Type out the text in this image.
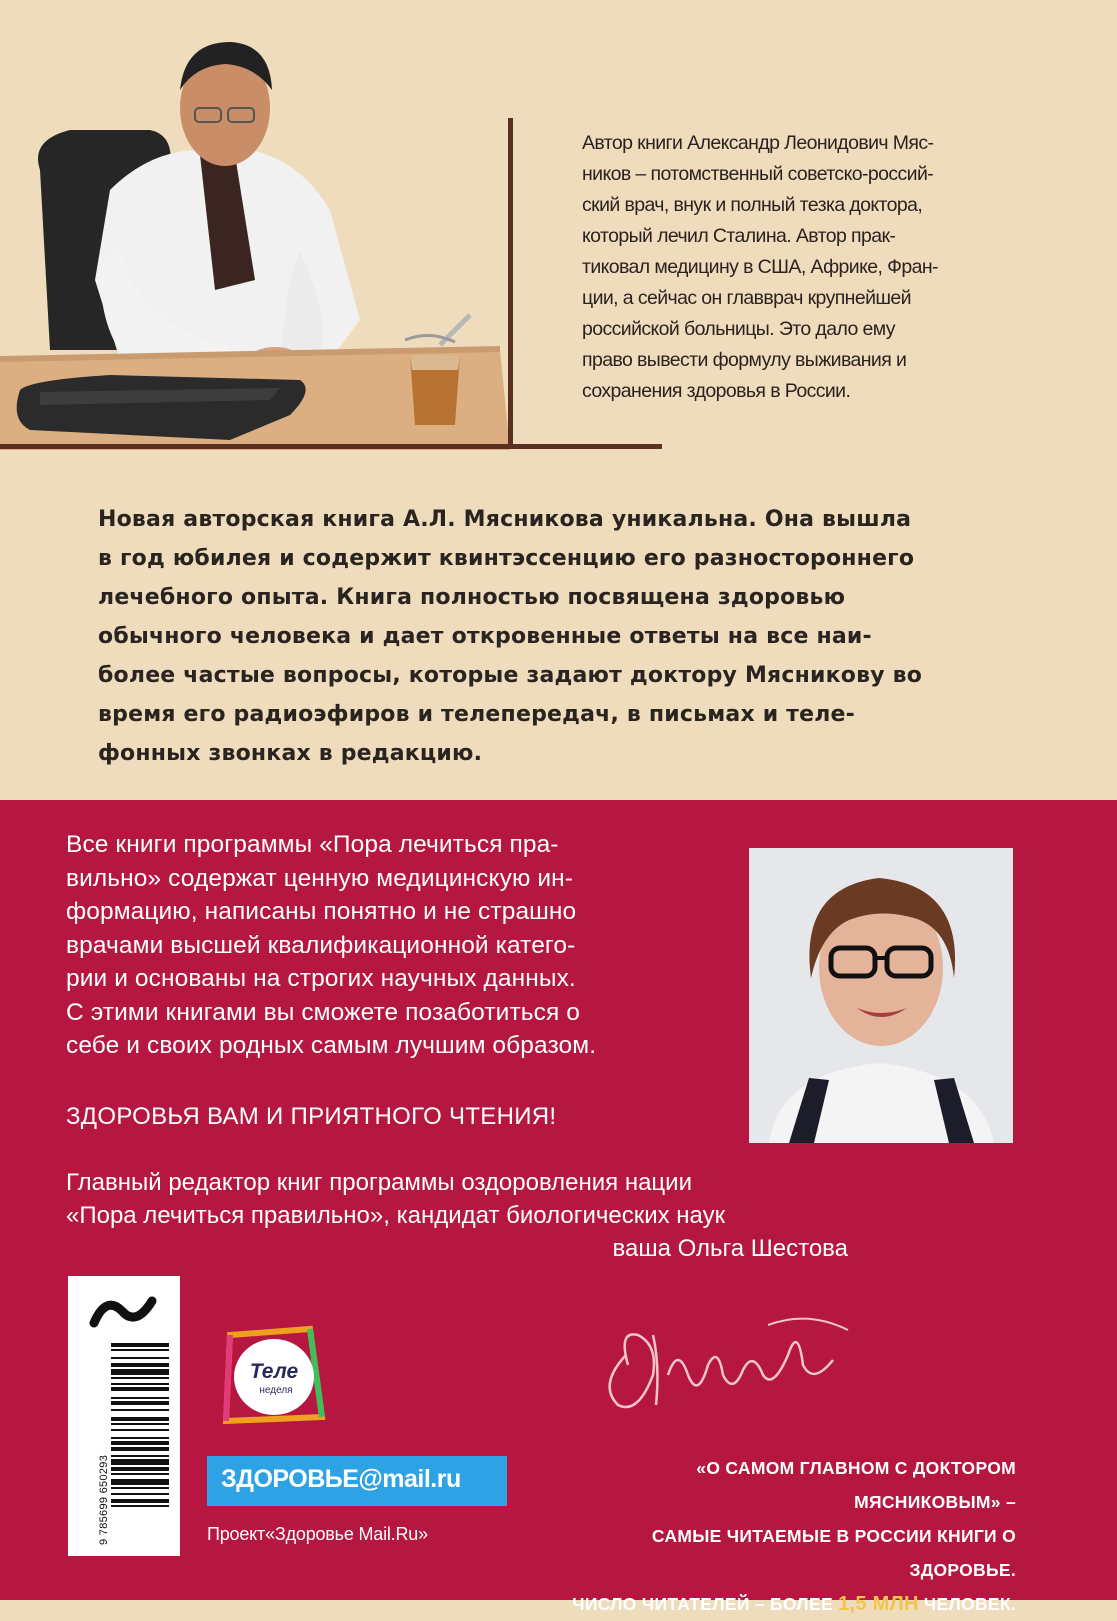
Автор книги Александр Леонидович Мяс-
ников – потомственный советско-россий-
ский врач, внук и полный тезка доктора,
который лечил Сталина. Автор прак-
тиковал медицину в США, Африке, Фран-
ции, а сейчас он главврач крупнейшей
российской больницы. Это дало ему
право вывести формулу выживания и
сохранения здоровья в России.
Новая авторская книга А.Л. Мясникова уникальна. Она вышла
в год юбилея и содержит квинтэссенцию его разностороннего
лечебного опыта. Книга полностью посвящена здоровью
обычного человека и дает откровенные ответы на все наи-
более частые вопросы, которые задают доктору Мясникову во
время его радиоэфиров и телепередач, в письмах и теле-
фонных звонках в редакцию.
Все книги программы «Пора лечиться пра-
вильно» содержат ценную медицинскую ин-
формацию, написаны понятно и не страшно
врачами высшей квалификационной катего-
рии и основаны на строгих научных данных.
С этими книгами вы сможете позаботиться о
себе и своих родных самым лучшим образом.
ЗДОРОВЬЯ ВАМ И ПРИЯТНОГО ЧТЕНИЯ!
Главный редактор книг программы оздоровления нации
«Пора лечиться правильно», кандидат биологических наук
ваша Ольга Шестова
9 785699 650293
Теле
неделя
ЗДОРОВЬЕ@mail.ru
Проект«Здоровье Mail.Ru»
«О САМОМ ГЛАВНОМ С ДОКТОРОМ МЯСНИКОВЫМ» –
САМЫЕ ЧИТАЕМЫЕ В РОССИИ КНИГИ О ЗДОРОВЬЕ.
ЧИСЛО ЧИТАТЕЛЕЙ – БОЛЕЕ 1,5 МЛН ЧЕЛОВЕК.
